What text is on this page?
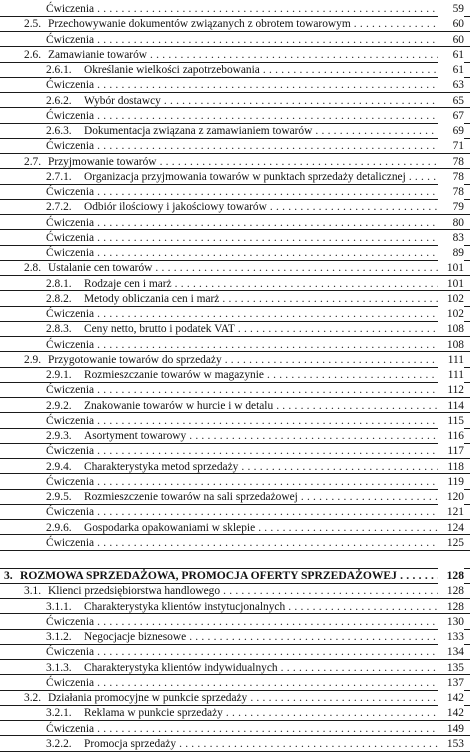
Ćwiczenia . . .	59
2.5. Przechowywanie dokumentów związanych z obrotem towarowym . . .	60
Ćwiczenia . . .	60
2.6. Zamawianie towarów . . .	61
2.6.1. Określanie wielkości zapotrzebowania . . .	61
Ćwiczenia . . .	63
2.6.2. Wybór dostawcy . . .	65
Ćwiczenia . . .	67
2.6.3. Dokumentacja związana z zamawianiem towarów . . .	69
Ćwiczenia . . .	71
2.7. Przyjmowanie towarów . . .	78
2.7.1. Organizacja przyjmowania towarów w punktach sprzedaży detalicznej . . .	78
Ćwiczenia . . .	78
2.7.2. Odbiór ilościowy i jakościowy towarów . . .	79
Ćwiczenia . . .	80
Ćwiczenia . . .	83
Ćwiczenia . . .	89
2.8. Ustalanie cen towarów . . .	101
2.8.1. Rodzaje cen i marż . . .	101
2.8.2. Metody obliczania cen i marż . . .	102
Ćwiczenia . . .	102
2.8.3. Ceny netto, brutto i podatek VAT . . .	108
Ćwiczenia . . .	108
2.9. Przygotowanie towarów do sprzedaży . . .	111
2.9.1. Rozmieszczanie towarów w magazynie . . .	111
Ćwiczenia . . .	112
2.9.2. Znakowanie towarów w hurcie i w detalu . . .	114
Ćwiczenia . . .	115
2.9.3. Asortyment towarowy . . .	116
Ćwiczenia . . .	117
2.9.4. Charakterystyka metod sprzedaży . . .	118
Ćwiczenia . . .	119
2.9.5. Rozmieszczenie towarów na sali sprzedażowej . . .	120
Ćwiczenia . . .	121
2.9.6. Gospodarka opakowaniami w sklepie . . .	124
Ćwiczenia . . .	125
3. ROZMOWA SPRZEDAŻOWA, PROMOCJA OFERTY SPRZEDAŻOWEJ . . .	128
3.1. Klienci przedsiębiorstwa handlowego . . .	128
3.1.1. Charakterystyka klientów instytucjonalnych . . .	128
Ćwiczenia . . .	130
3.1.2. Negocjacje biznesowe . . .	133
Ćwiczenia . . .	134
3.1.3. Charakterystyka klientów indywidualnych . . .	135
Ćwiczenia . . .	137
3.2. Działania promocyjne w punkcie sprzedaży . . .	142
3.2.1. Reklama w punkcie sprzedaży . . .	142
Ćwiczenia . . .	149
3.2.2. Promocja sprzedaży . . .	153
